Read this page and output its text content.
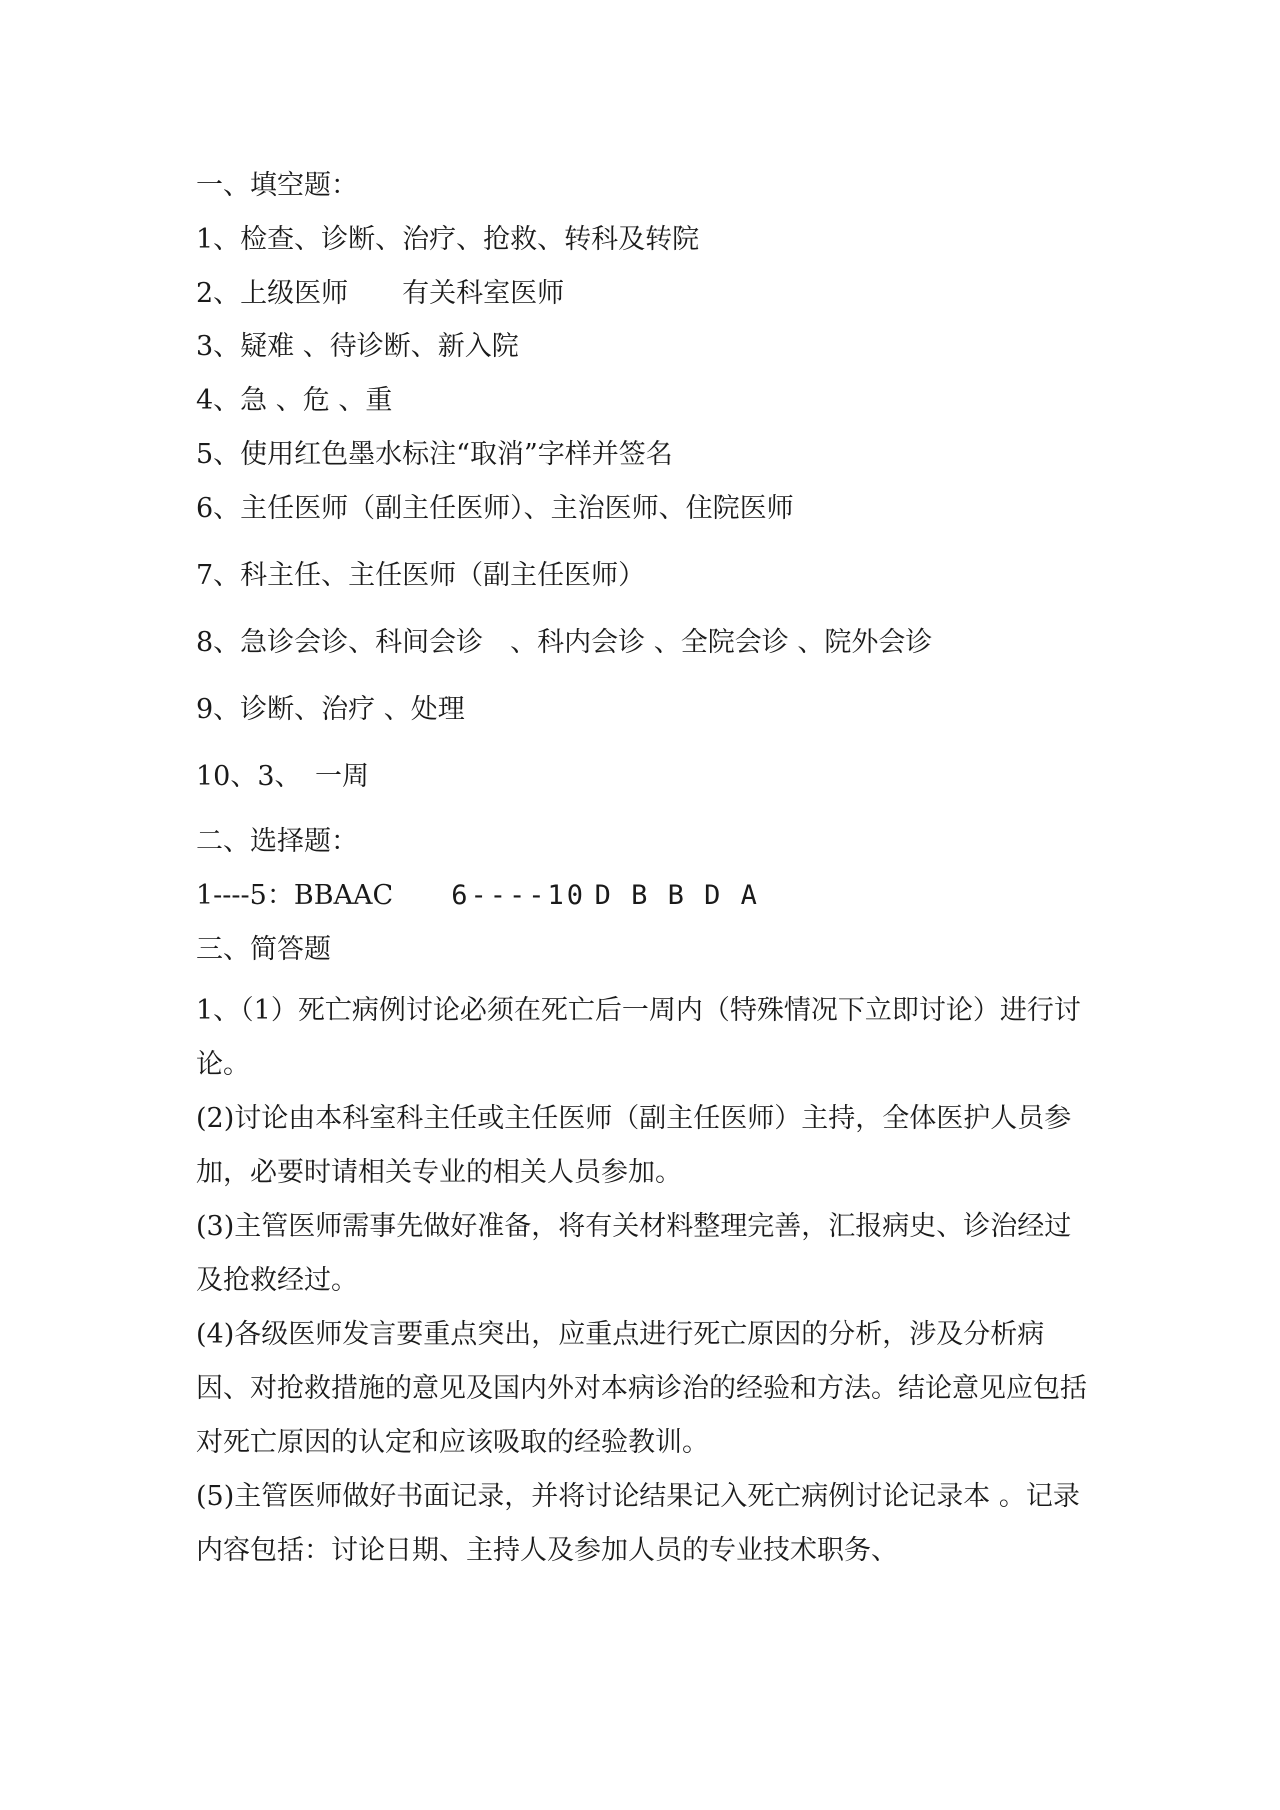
一、填空题：
1、检查、诊断、治疗、抢救、转科及转院
2、上级医师　　有关科室医师
3、疑难 、待诊断、新入院
4、急 、危 、重
5、使用红色墨水标注“取消”字样并签名
6、主任医师（副主任医师）、主治医师、住院医师
7、科主任、主任医师（副主任医师）
8、急诊会诊、科间会诊　、科内会诊 、全院会诊 、院外会诊
9、诊断、治疗 、处理
10、3、　一周
二、选择题：
1----5：BBAAC 6----10 D B B D A
三、简答题
1、（1）死亡病例讨论必须在死亡后一周内（特殊情况下立即讨论）进行讨论。
(2)讨论由本科室科主任或主任医师（副主任医师）主持，全体医护人员参加，必要时请相关专业的相关人员参加。
(3)主管医师需事先做好准备，将有关材料整理完善，汇报病史、诊治经过及抢救经过。
(4)各级医师发言要重点突出，应重点进行死亡原因的分析，涉及分析病因、对抢救措施的意见及国内外对本病诊治的经验和方法。结论意见应包括对死亡原因的认定和应该吸取的经验教训。
(5)主管医师做好书面记录，并将讨论结果记入死亡病例讨论记录本 。记录内容包括：讨论日期、主持人及参加人员的专业技术职务、
